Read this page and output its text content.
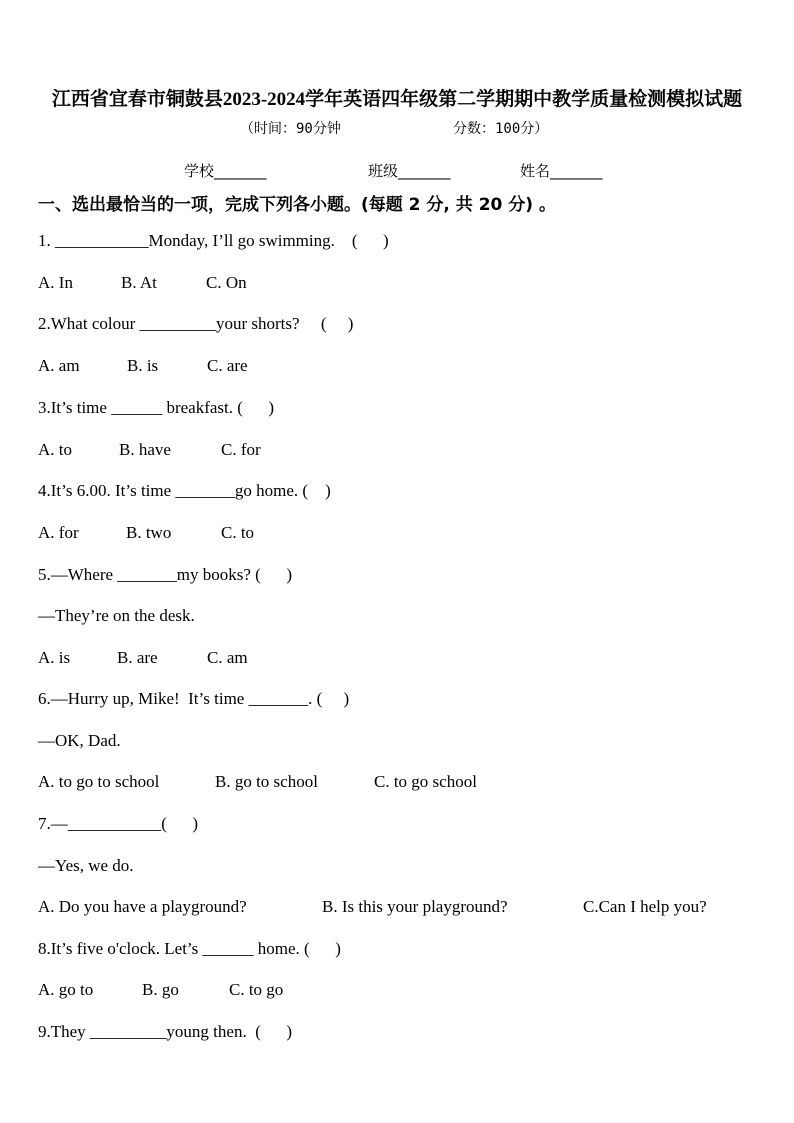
江西省宜春市铜鼓县2023-2024学年英语四年级第二学期期中教学质量检测模拟试题
（时间：90分钟	分数：100分）
学校_______	班级_______	姓名_______
一、选出最恰当的一项，完成下列各小题。(每题 2 分, 共 20 分) 。
1. ___________Monday, I’ll go swimming.    (      )
A. In	B. At	C. On
2.What colour _________your shorts?     (     )
A. am	B. is	C. are
3.It’s time ______ breakfast. (      )
A. to	B. have	C. for
4.It’s 6.00. It’s time _______go home. (    )
A. for	B. two	C. to
5.—Where _______my books? (      )
—They’re on the desk.
A. is	B. are	C. am
6.—Hurry up, Mike!  It’s time _______. (     )
—OK, Dad.
A. to go to school	B. go to school	C. to go school
7.—___________(      )
—Yes, we do.
A. Do you have a playground?	B. Is this your playground?	C.Can I help you?
8.It’s five o'clock. Let’s ______ home. (      )
A. go to	B. go	C. to go
9.They _________young then.  (      )
